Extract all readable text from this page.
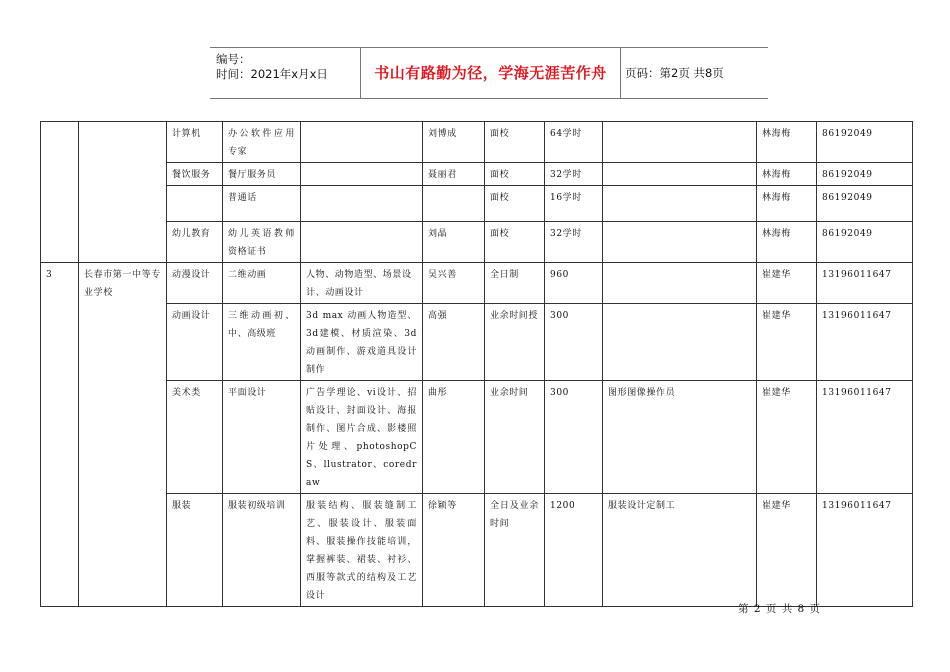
编号：
时间：2021年x月x日	书山有路勤为径，学海无涯苦作舟	页码：第2页 共8页
		计算机	办公软件应用专家		刘博成	面校	64学时		林海梅	86192049
		餐饮服务	餐厅服务员		聂丽君	面校	32学时		林海梅	86192049
			普通话			面校	16学时		林海梅	86192049
		幼儿教育	幼儿英语教师资格证书		刘晶	面校	32学时		林海梅	86192049
3	长春市第一中等专业学校	动漫设计	二维动画	人物、动物造型、场景设计、动画设计	吴兴善	全日制	960		崔建华	13196011647
		动画设计	三维动画初、中、高级班	3d max 动画人物造型、3d建模、材质渲染、3d动画制作、游戏道具设计制作	高强	业余时间授	300		崔建华	13196011647
		美术类	平面设计	广告学理论、vi设计、招贴设计、封面设计、海报制作、图片合成、影楼照片处理、photoshopCS、llustrator、coredraw	曲彤	业余时间	300	图形图像操作员	崔建华	13196011647
		服装	服装初级培训	服装结构、服装缝制工艺、服装设计、服装面料、服装操作技能培训，掌握裤装、裙装、衬衫、西服等款式的结构及工艺设计	徐颖等	全日及业余时间	1200	服装设计定制工	崔建华	13196011647
第 2 页 共 8 页
